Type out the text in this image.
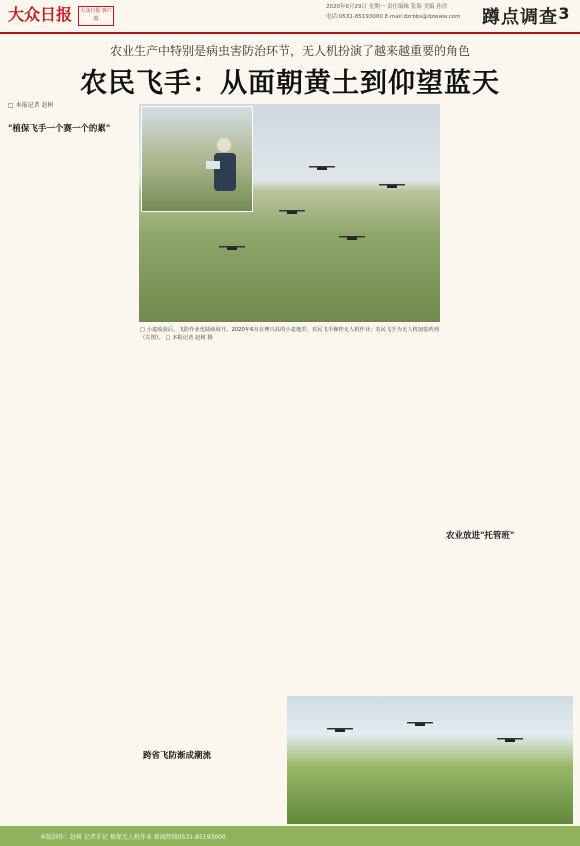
大众日报	大众日报 客户端
2020年6月29日 星期一 责任编辑 张海 美编 孙淳
电话:0531-85193000 E-mail:dzrbbs@dzwww.com 蹲点调查 3
农业生产中特别是病虫害防治环节，无人机扮演了越来越重要的角色
农民飞手：从面朝黄土到仰望蓝天
□ 本报记者 赵树

"植保飞手一个赛一个的累"
跨省飞防渐成潮流
农业放进"托管班"
□ 小麦收获后，飞防作业也陆续展开。2020年6月在博兴县的小麦地里，农民飞手操控无人机作业；农民飞手为无人机加装药剂（左图）。 □ 本报记者 赵树 摄
本版制作：赵树 记者手记 植保无人机作业 新闻热线0531-85193000
